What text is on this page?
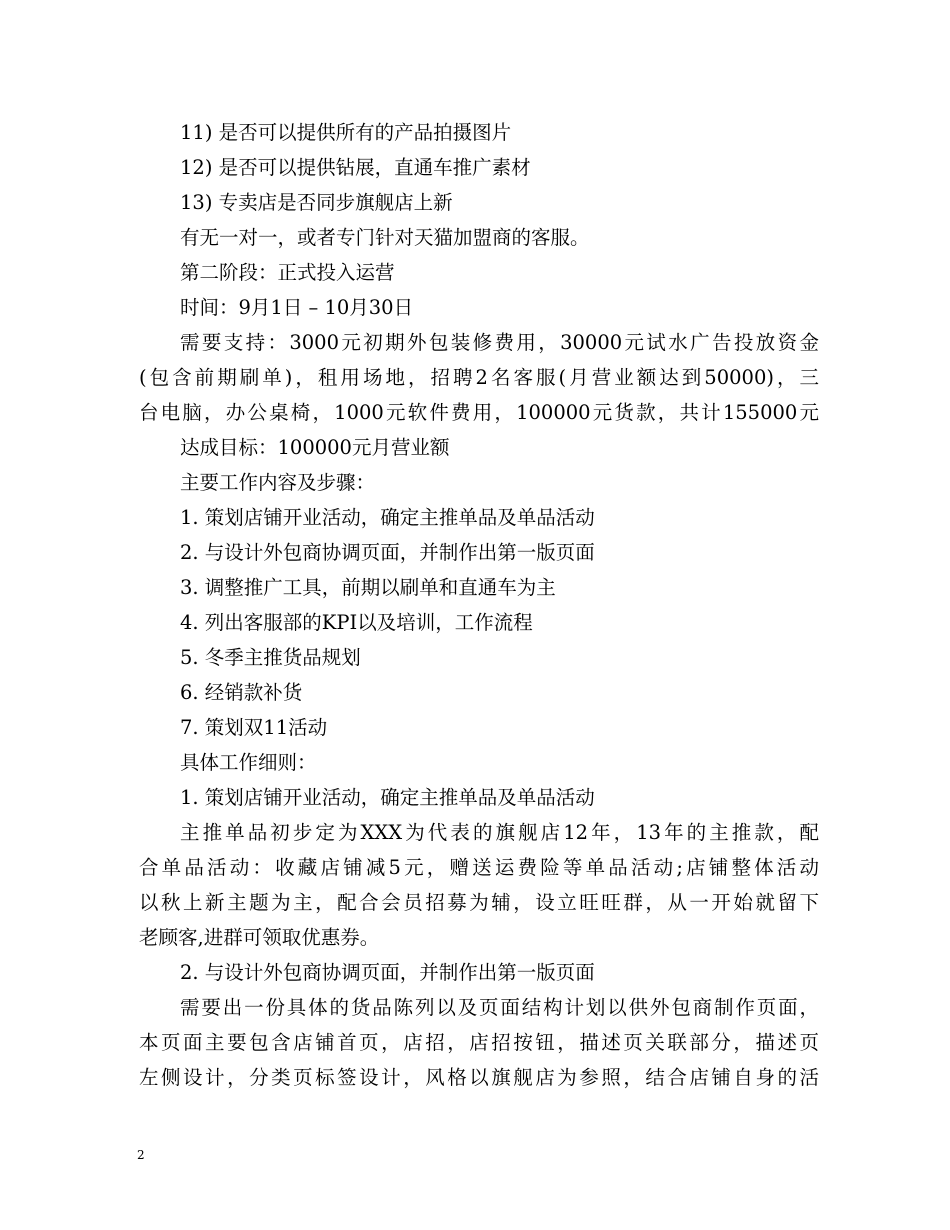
11) 是否可以提供所有的产品拍摄图片
12) 是否可以提供钻展，直通车推广素材
13) 专卖店是否同步旗舰店上新
有无一对一，或者专门针对天猫加盟商的客服。
第二阶段：正式投入运营
时间：9月1日 – 10月30日
需要支持：3000元初期外包装修费用，30000元试水广告投放资金
(包含前期刷单)，租用场地，招聘2名客服(月营业额达到50000)，三
台电脑，办公桌椅，1000元软件费用，100000元货款，共计155000元
达成目标：100000元月营业额
主要工作内容及步骤：
1. 策划店铺开业活动，确定主推单品及单品活动
2. 与设计外包商协调页面，并制作出第一版页面
3. 调整推广工具，前期以刷单和直通车为主
4. 列出客服部的KPI以及培训，工作流程
5. 冬季主推货品规划
6. 经销款补货
7. 策划双11活动
具体工作细则：
1. 策划店铺开业活动，确定主推单品及单品活动
主推单品初步定为XXX为代表的旗舰店12年，13年的主推款，配
合单品活动：收藏店铺减5元，赠送运费险等单品活动;店铺整体活动
以秋上新主题为主，配合会员招募为辅，设立旺旺群，从一开始就留下
老顾客,进群可领取优惠券。
2. 与设计外包商协调页面，并制作出第一版页面
需要出一份具体的货品陈列以及页面结构计划以供外包商制作页面，
本页面主要包含店铺首页，店招，店招按钮，描述页关联部分，描述页
左侧设计，分类页标签设计，风格以旗舰店为参照，结合店铺自身的活
2
